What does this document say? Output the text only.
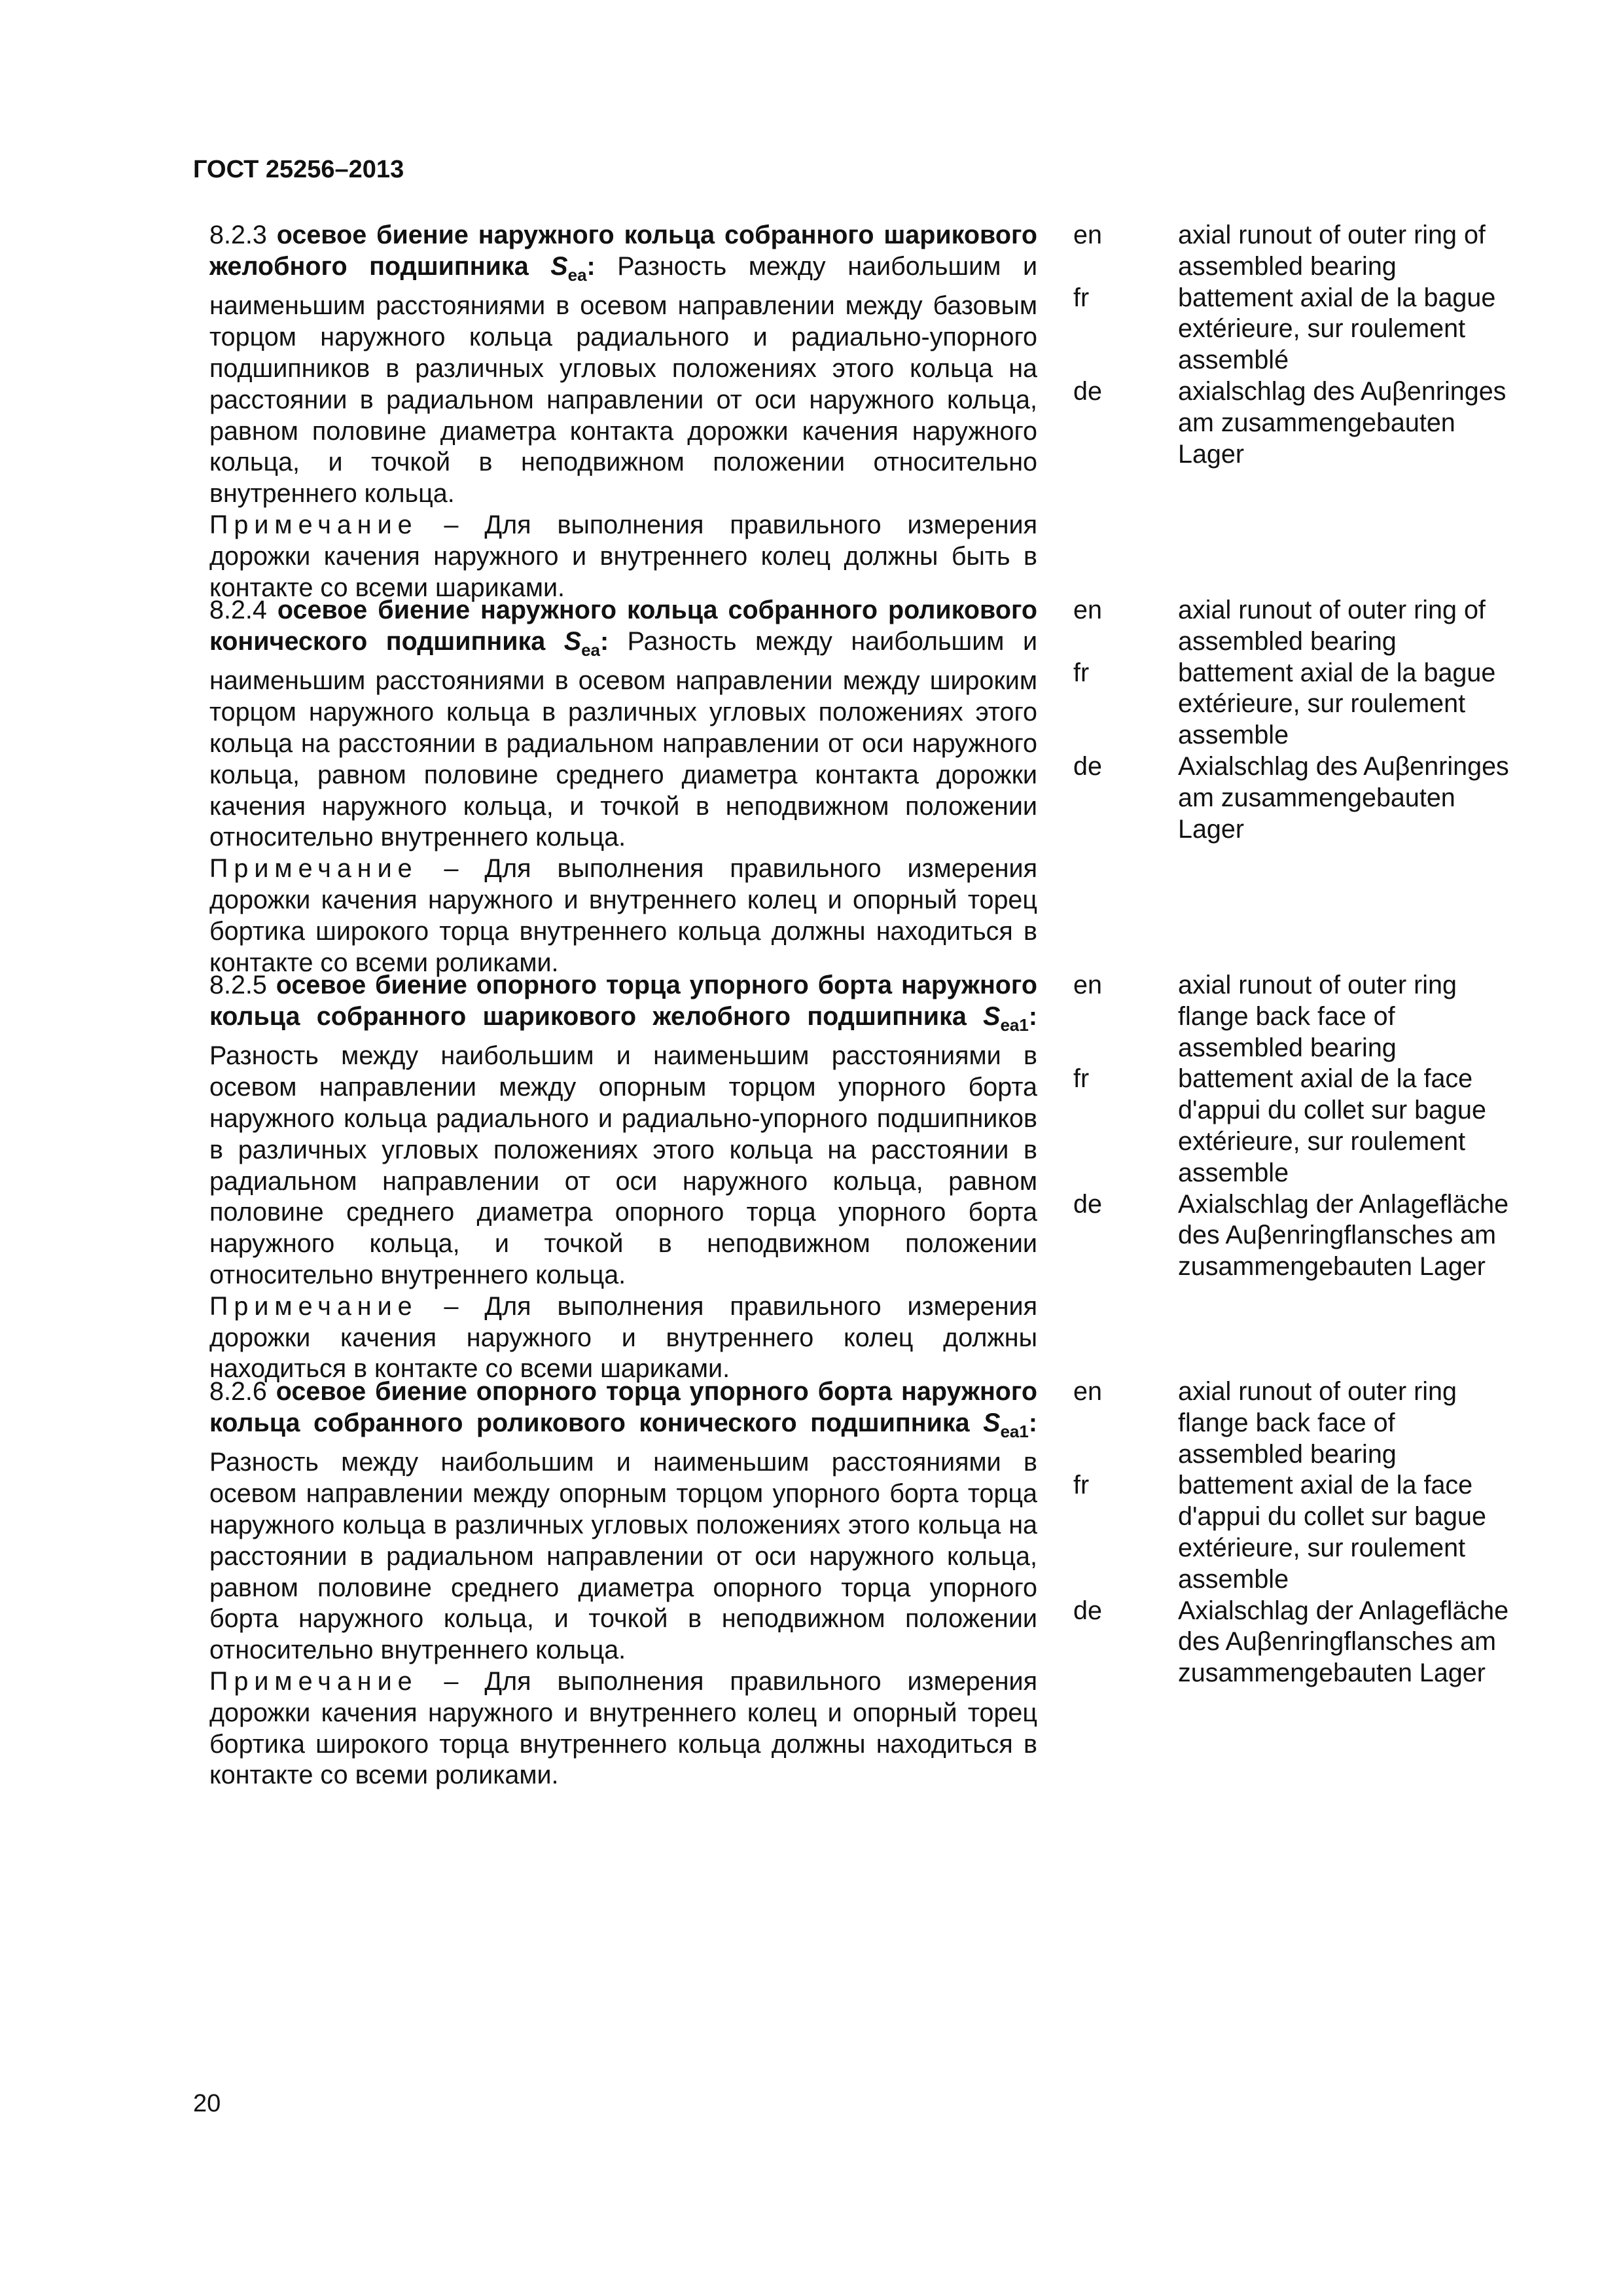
ГОСТ 25256–2013

8.2.3 осевое биение наружного кольца собранного шарикового желобного подшипника $S_{ea}$: Разность между наибольшим и наименьшим расстояниями в осевом направлении между базовым торцом наружного кольца радиального и радиально-упорного подшипников в различных угловых положениях этого кольца на расстоянии в радиальном направлении от оси наружного кольца, равном половине диаметра контакта дорожки качения наружного кольца, и точкой в неподвижном положении относительно внутреннего кольца.

Примечание – Для выполнения правильного измерения дорожки качения наружного и внутреннего колец должны быть в контакте со всеми шариками.

en	axial runout of outer ring of assembled bearing
fr	battement axial de la bague extérieure, sur roulement assemblé
de	axialschlag des Auβenringes am zusammengebauten Lager

8.2.4 осевое биение наружного кольца собранного роликового конического подшипника $S_{ea}$: Разность между наибольшим и наименьшим расстояниями в осевом направлении между широким торцом наружного кольца в различных угловых положениях этого кольца на расстоянии в радиальном направлении от оси наружного кольца, равном половине среднего диаметра контакта дорожки качения наружного кольца, и точкой в неподвижном положении относительно внутреннего кольца.

Примечание – Для выполнения правильного измерения дорожки качения наружного и внутреннего колец и опорный торец бортика широкого торца внутреннего кольца должны находиться в контакте со всеми роликами.

en	axial runout of outer ring of assembled bearing
fr	battement axial de la bague extérieure, sur roulement assemble
de	Axialschlag des Auβenringes am zusammengebauten Lager

8.2.5 осевое биение опорного торца упорного борта наружного кольца собранного шарикового желобного подшипника $S_{ea1}$: Разность между наибольшим и наименьшим расстояниями в осевом направлении между опорным торцом упорного борта наружного кольца радиального и радиально-упорного подшипников в различных угловых положениях этого кольца на расстоянии в радиальном направлении от оси наружного кольца, равном половине среднего диаметра опорного торца упорного борта наружного кольца, и точкой в неподвижном положении относительно внутреннего кольца.

Примечание – Для выполнения правильного измерения дорожки качения наружного и внутреннего колец должны находиться в контакте со всеми шариками.

en	axial runout of outer ring flange back face of assembled bearing
fr	battement axial de la face d'appui du collet sur bague extérieure, sur roulement assemble
de	Axialschlag der Anlagefläche des Auβenringflansches am zusammengebauten Lager

8.2.6 осевое биение опорного торца упорного борта наружного кольца собранного роликового конического подшипника $S_{ea1}$: Разность между наибольшим и наименьшим расстояниями в осевом направлении между опорным торцом упорного борта торца наружного кольца в различных угловых положениях этого кольца на расстоянии в радиальном направлении от оси наружного кольца, равном половине среднего диаметра опорного торца упорного борта наружного кольца, и точкой в неподвижном положении относительно внутреннего кольца.

Примечание – Для выполнения правильного измерения дорожки качения наружного и внутреннего колец и опорный торец бортика широкого торца внутреннего кольца должны находиться в контакте со всеми роликами.

en	axial runout of outer ring flange back face of assembled bearing
fr	battement axial de la face d'appui du collet sur bague extérieure, sur roulement assemble
de	Axialschlag der Anlagefläche des Auβenringflansches am zusammengebauten Lager
20
